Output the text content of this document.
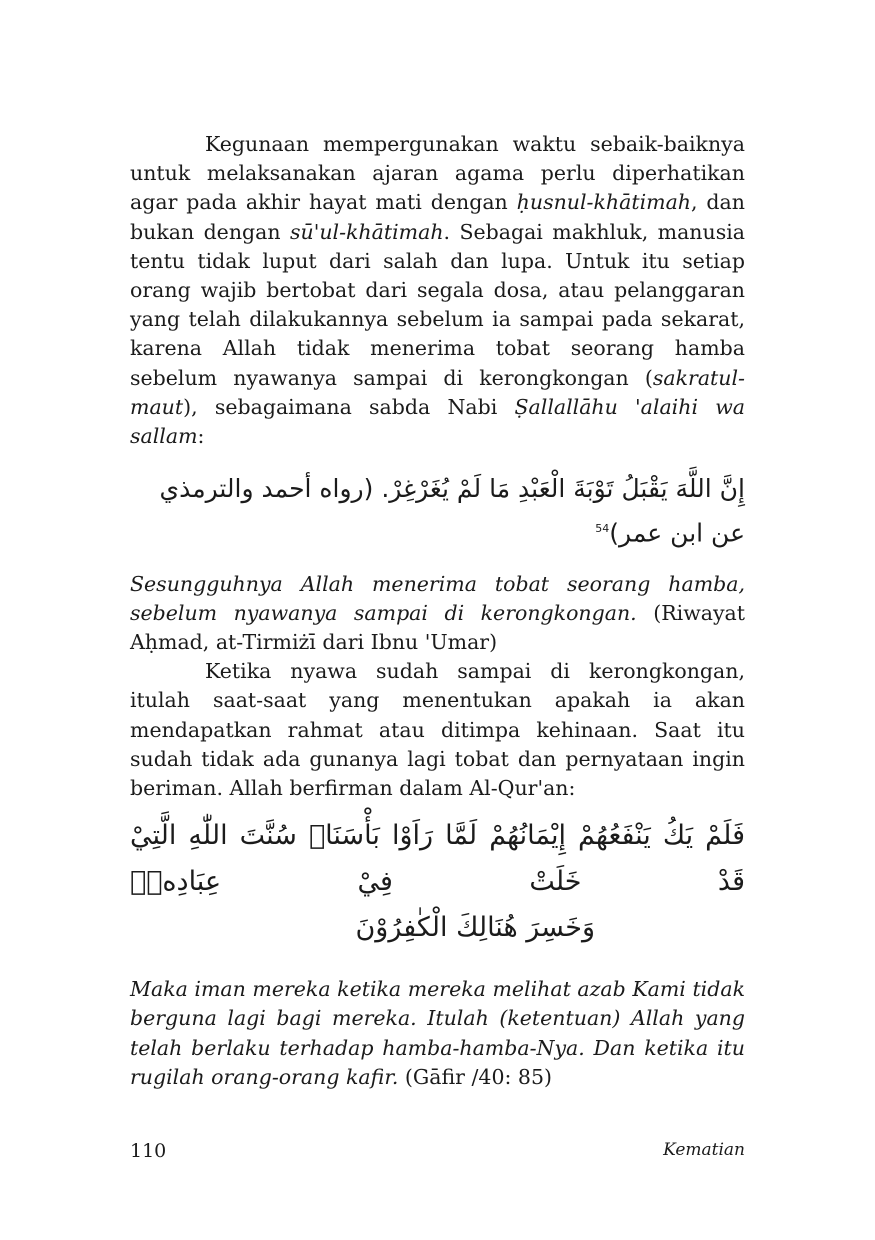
Kegunaan mempergunakan waktu sebaik-baiknya untuk melaksanakan ajaran agama perlu diperhatikan agar pada akhir hayat mati dengan ḥusnul-khātimah, dan bukan dengan sū'ul-khātimah. Sebagai makhluk, manusia tentu tidak luput dari salah dan lupa. Untuk itu setiap orang wajib bertobat dari segala dosa, atau pelanggaran yang telah dilakukannya sebelum ia sampai pada sekarat, karena Allah tidak menerima tobat seorang hamba sebelum nyawanya sampai di kerongkongan (sakratul-maut), sebagaimana sabda Nabi Ṣallallāhu 'alaihi wa sallam:

إِنَّ اللَّهَ يَقْبَلُ تَوْبَةَ الْعَبْدِ مَا لَمْ يُغَرْغِرْ. (رواه أحمد والترمذي عن ابن عمر)$^{54}$

Sesungguhnya Allah menerima tobat seorang hamba, sebelum nyawanya sampai di kerongkongan. (Riwayat Aḥmad, at-Tirmiżī dari Ibnu 'Umar)

Ketika nyawa sudah sampai di kerongkongan, itulah saat-saat yang menentukan apakah ia akan mendapatkan rahmat atau ditimpa kehinaan. Saat itu sudah tidak ada gunanya lagi tobat dan pernyataan ingin beriman. Allah berfirman dalam Al-Qur'an:

فَلَمْ يَكُ يَنْفَعُهُمْ إِيْمَانُهُمْ لَمَّا رَاَوْا بَأْسَنَاۗ سُنَّتَ اللّٰهِ الَّتِيْ قَدْ خَلَتْ فِيْ عِبَادِهٖۚ
وَخَسِرَ هُنَالِكَ الْكٰفِرُوْنَ

Maka iman mereka ketika mereka melihat azab Kami tidak berguna lagi bagi mereka. Itulah (ketentuan) Allah yang telah berlaku terhadap hamba-hamba-Nya. Dan ketika itu rugilah orang-orang kafir. (Gāfir /40: 85)

110	Kematian
